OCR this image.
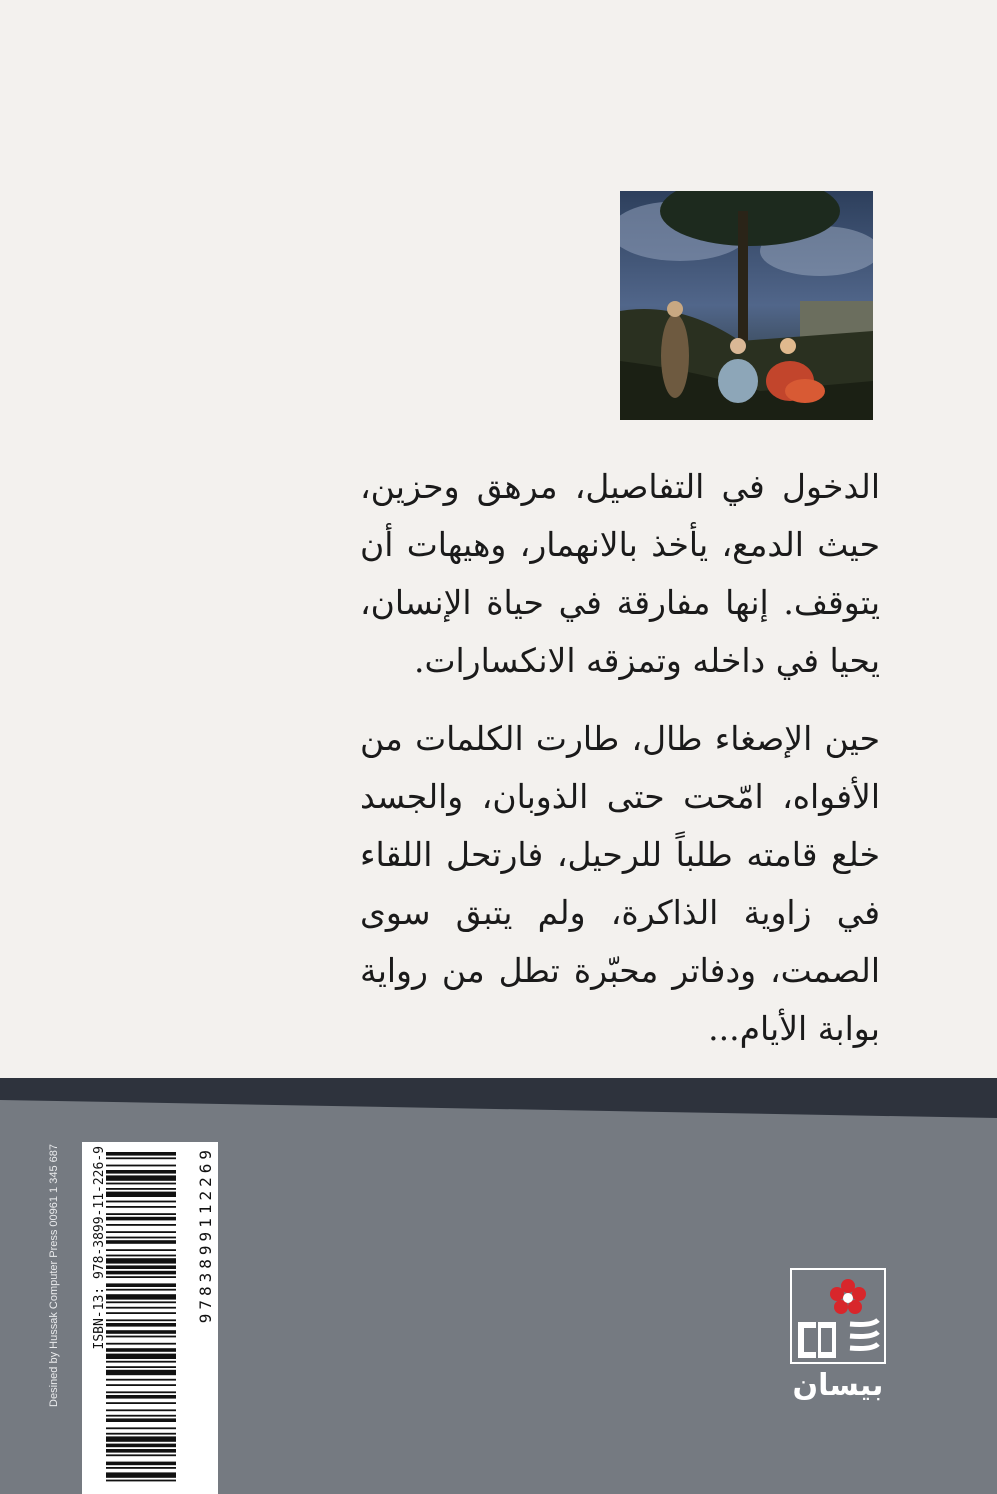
الدخول في التفاصيل، مرهق وحزين، حيث الدمع، يأخذ بالانهمار، وهيهات أن يتوقف. إنها مفارقة في حياة الإنسان، يحيا في داخله وتمزقه الانكسارات.

حين الإصغاء طال، طارت الكلمات من الأفواه، امّحت حتى الذوبان، والجسد خلع قامته طلباً للرحيل، فارتحل اللقاء في زاوية الذاكرة، ولم يتبق سوى الصمت، ودفاتر محبّرة تطل من رواية بوابة الأيام...

Desined by Hussak Computer Press 00961 1 345 687 ISBN-13: 978-3899-11-226-9	9783899112269
بيسان
